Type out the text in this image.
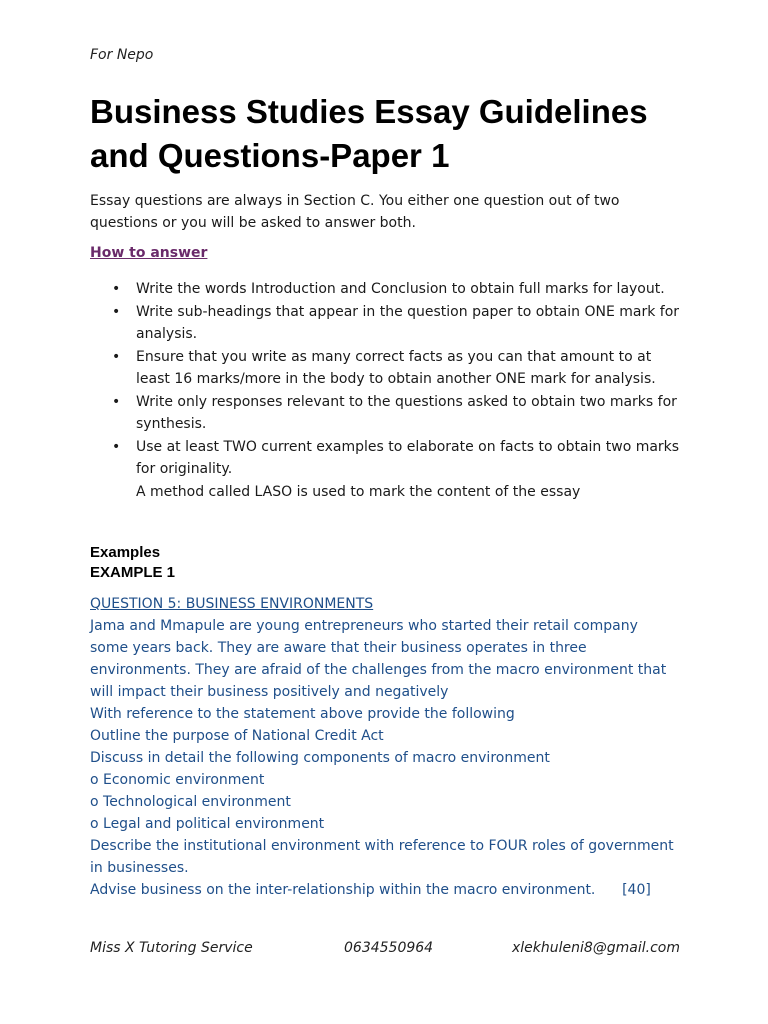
For Nepo
Business Studies Essay Guidelines and Questions-Paper 1
Essay questions are always in Section C. You either one question out of two questions or you will be asked to answer both.
How to answer
• Write the words Introduction and Conclusion to obtain full marks for layout.
• Write sub-headings that appear in the question paper to obtain ONE mark for analysis.
• Ensure that you write as many correct facts as you can that amount to at least 16 marks/more in the body to obtain another ONE mark for analysis.
• Write only responses relevant to the questions asked to obtain two marks for synthesis.
• Use at least TWO current examples to elaborate on facts to obtain two marks for originality.
A method called LASO is used to mark the content of the essay
Examples
EXAMPLE 1
QUESTION 5: BUSINESS ENVIRONMENTS
Jama and Mmapule are young entrepreneurs who started their retail company some years back. They are aware that their business operates in three environments. They are afraid of the challenges from the macro environment that will impact their business positively and negatively
With reference to the statement above provide the following
Outline the purpose of National Credit Act
Discuss in detail the following components of macro environment
o Economic environment
o Technological environment
o Legal and political environment
Describe the institutional environment with reference to FOUR roles of government in businesses.
Advise business on the inter-relationship within the macro environment.      [40]
Miss X Tutoring Service	0634550964	xlekhuleni8@gmail.com
